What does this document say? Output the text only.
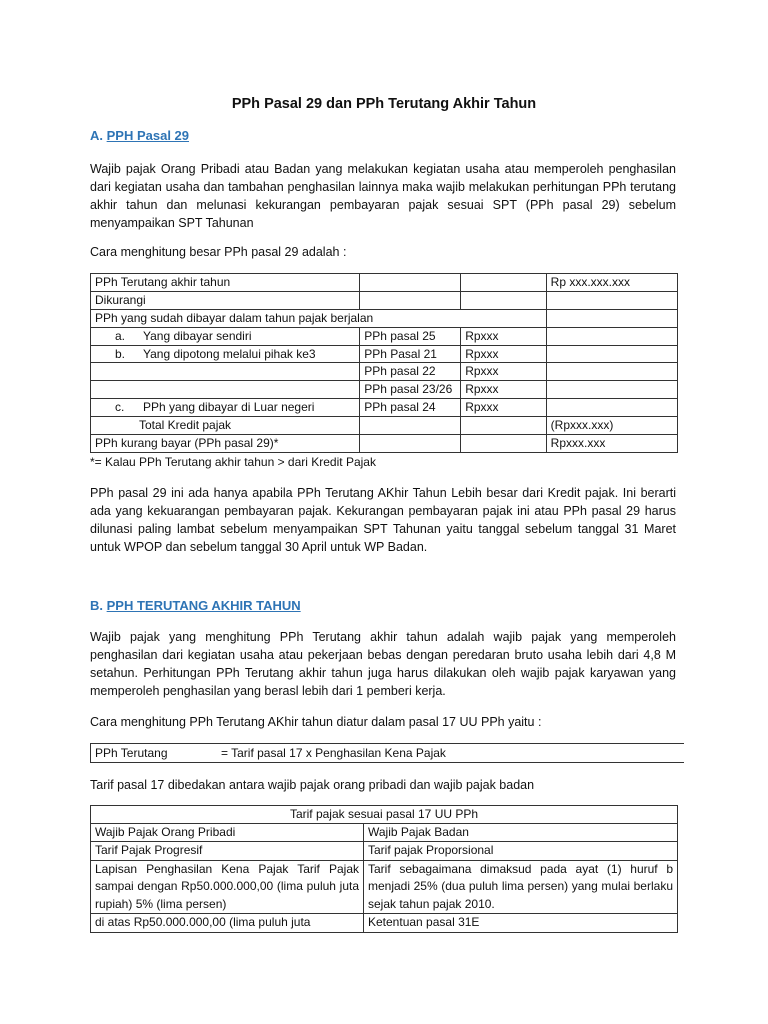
PPh Pasal 29 dan PPh Terutang Akhir Tahun
A. PPH Pasal 29

Wajib pajak Orang Pribadi atau Badan yang melakukan kegiatan usaha atau memperoleh penghasilan dari kegiatan usaha dan tambahan penghasilan lainnya maka wajib melakukan perhitungan PPh terutang akhir tahun dan melunasi kekurangan pembayaran pajak sesuai SPT (PPh pasal 29) sebelum menyampaikan SPT Tahunan

Cara menghitung besar PPh pasal 29 adalah :

PPh Terutang akhir tahun			Rp xxx.xxx.xxx
Dikurangi			
PPh yang sudah dibayar dalam tahun pajak berjalan			
a. Yang dibayar sendiri	PPh pasal 25	Rpxxx	
b. Yang dipotong melalui pihak ke3	PPh Pasal 21	Rpxxx	
	PPh pasal 22	Rpxxx	
	PPh pasal 23/26	Rpxxx	
c. PPh yang dibayar di Luar negeri	PPh pasal 24	Rpxxx	
Total Kredit pajak			(Rpxxx.xxx)
PPh kurang bayar (PPh pasal 29)*			Rpxxx.xxx
*= Kalau PPh Terutang akhir tahun > dari Kredit Pajak

PPh pasal 29 ini ada hanya apabila PPh Terutang AKhir Tahun Lebih besar dari Kredit pajak. Ini berarti ada yang kekuarangan pembayaran pajak. Kekurangan pembayaran pajak ini atau PPh pasal 29 harus dilunasi paling lambat sebelum menyampaikan SPT Tahunan yaitu tanggal sebelum tanggal 31 Maret untuk WPOP dan sebelum tanggal 30 April untuk WP Badan.

B. PPH TERUTANG AKHIR TAHUN

Wajib pajak yang menghitung PPh Terutang akhir tahun adalah wajib pajak yang memperoleh penghasilan dari kegiatan usaha atau pekerjaan bebas dengan peredaran bruto usaha lebih dari 4,8 M setahun. Perhitungan PPh Terutang akhir tahun juga harus dilakukan oleh wajib pajak karyawan yang memperoleh penghasilan yang berasl lebih dari 1 pemberi kerja.

Cara menghitung PPh Terutang AKhir tahun diatur dalam pasal 17 UU PPh yaitu :

PPh Terutang	= Tarif pasal 17 x Penghasilan Kena Pajak

Tarif pasal 17 dibedakan antara wajib pajak orang pribadi dan wajib pajak badan

Tarif pajak sesuai pasal 17 UU PPh	
Wajib Pajak Orang Pribadi	Wajib Pajak Badan
Tarif Pajak Progresif	Tarif pajak Proporsional
Lapisan Penghasilan Kena Pajak Tarif Pajak sampai dengan Rp50.000.000,00 (lima puluh juta rupiah) 5% (lima persen)	Tarif sebagaimana dimaksud pada ayat (1) huruf b menjadi 25% (dua puluh lima persen) yang mulai berlaku sejak tahun pajak 2010.
di atas Rp50.000.000,00 (lima puluh juta	Ketentuan pasal 31E
